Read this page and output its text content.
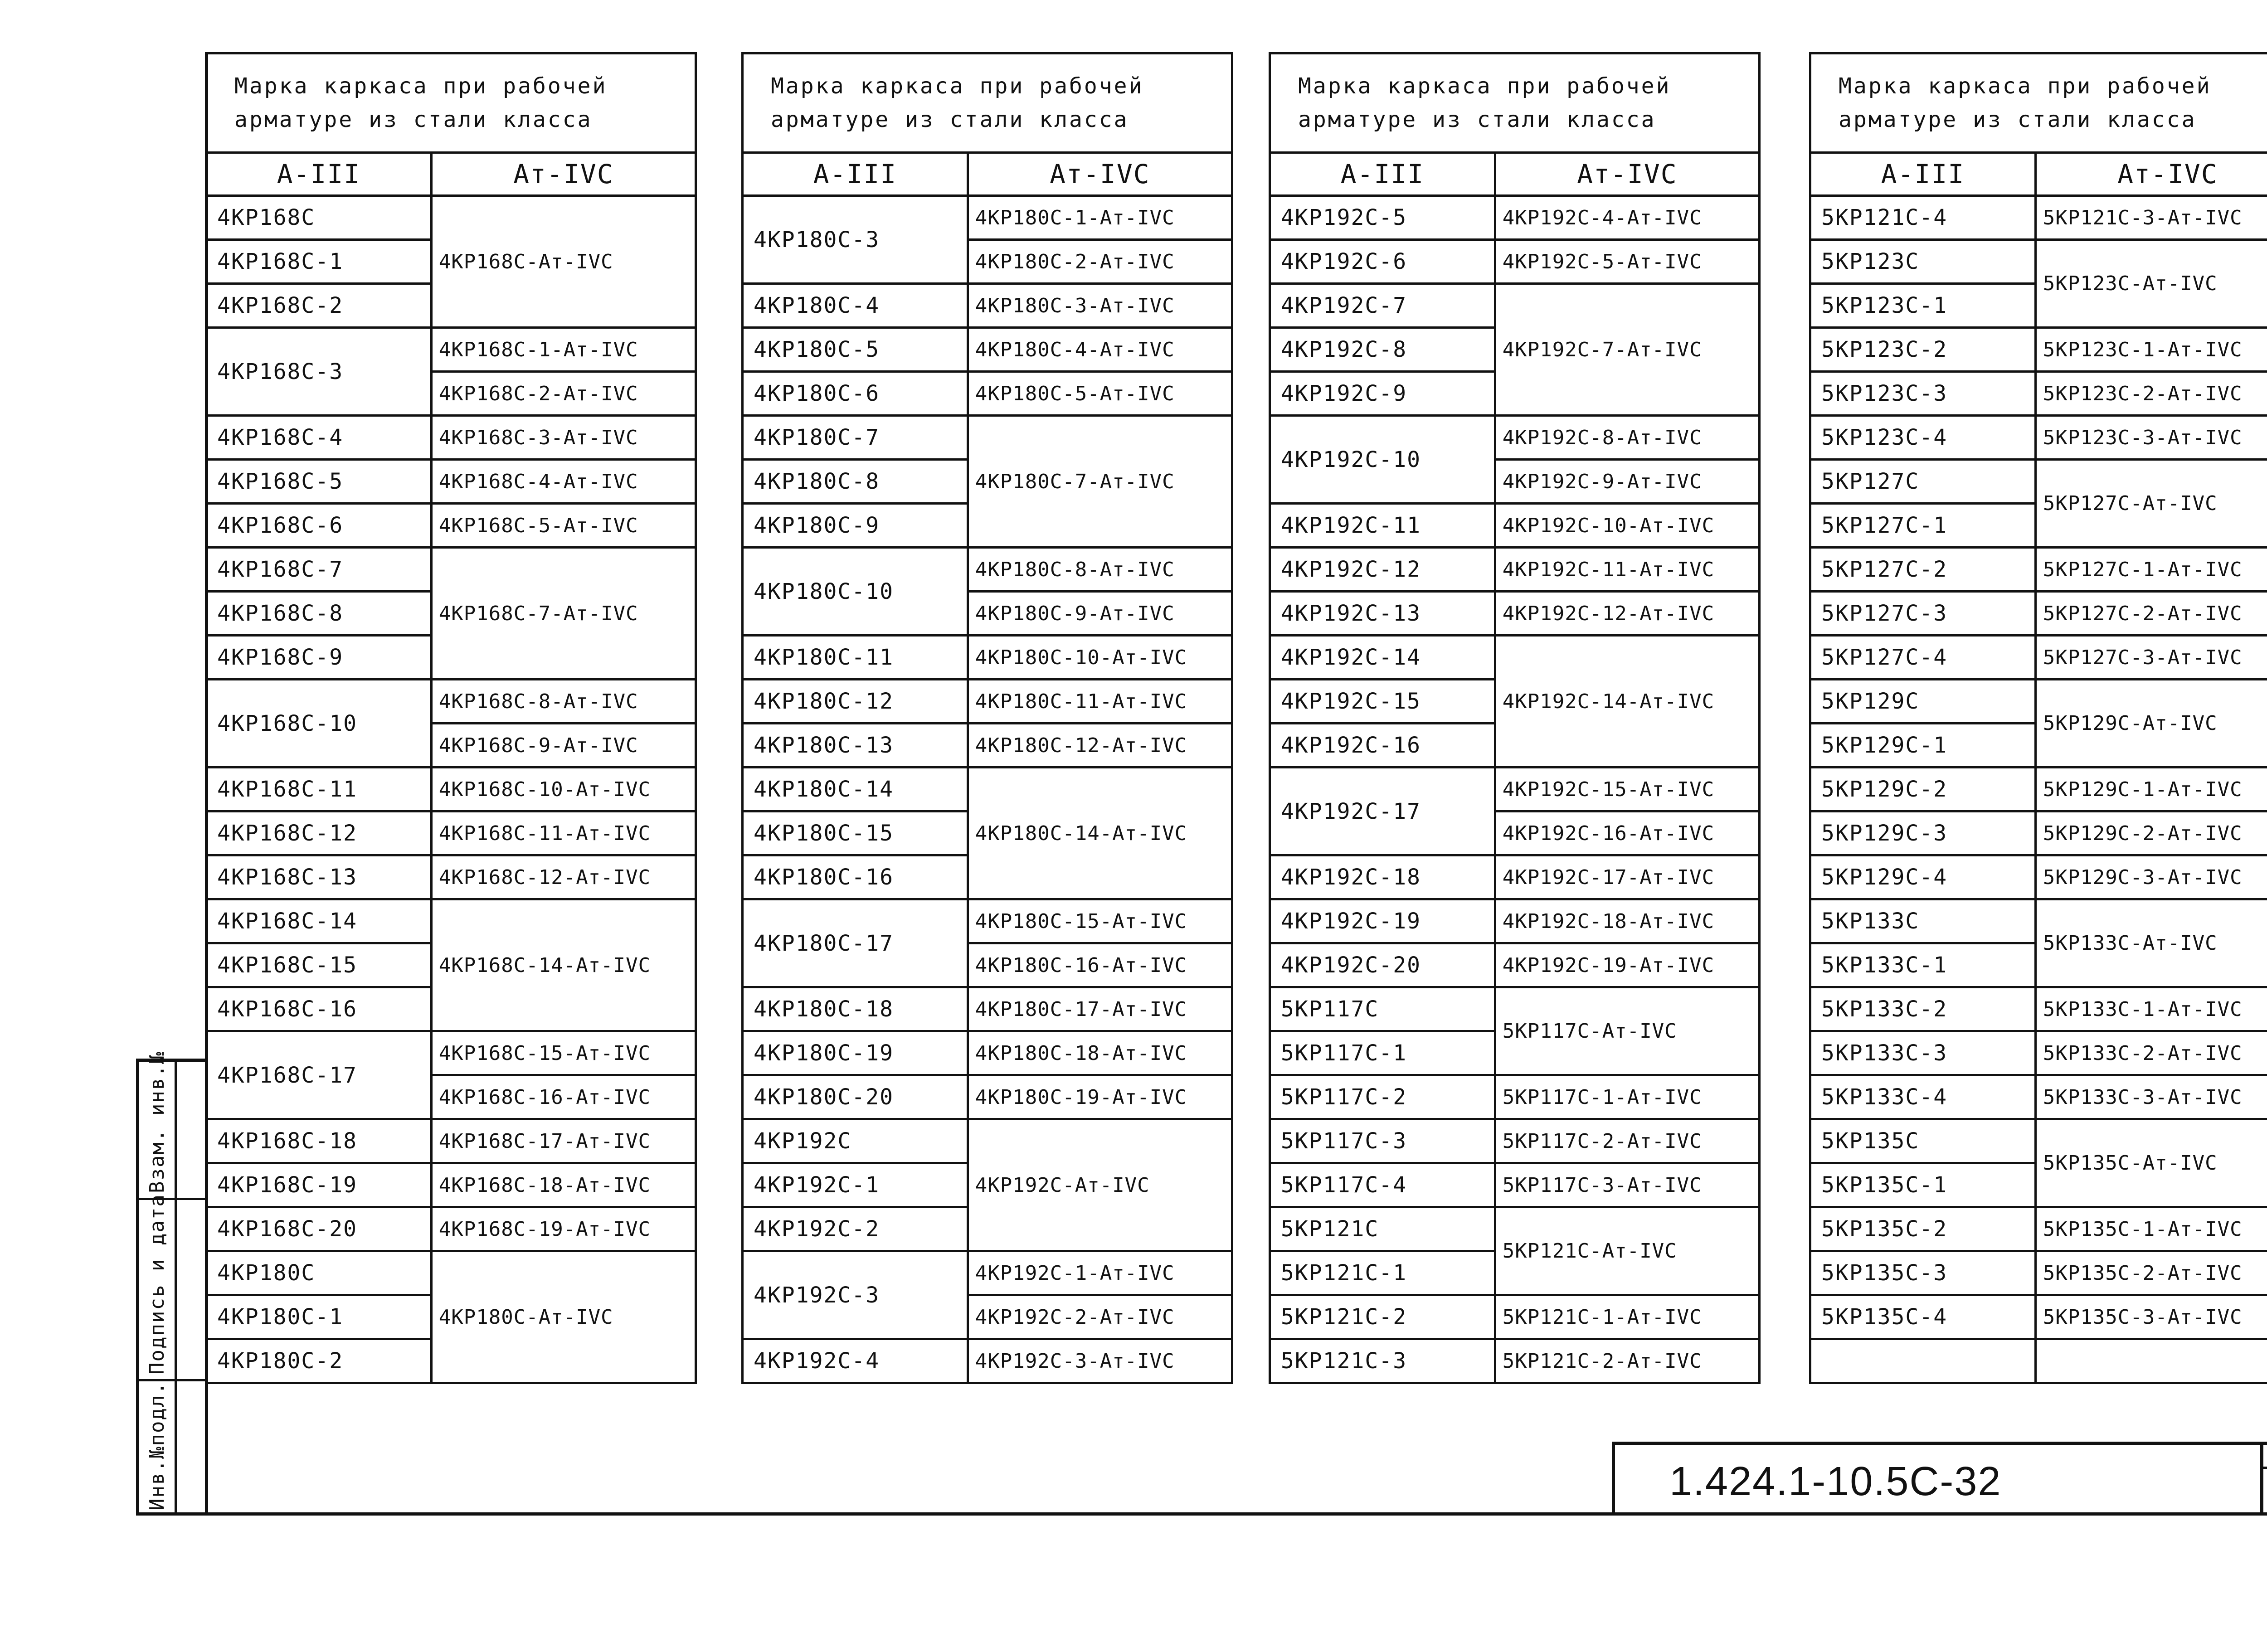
Марка каркаса при рабочей арматуре из стали класса	
А-III	Ат-IVС
4КР168С	4КР168С-Ат-IVС
4КР168С-1	
4КР168С-2	
4КР168С-3	4КР168С-1-Ат-IVС
	4КР168С-2-Ат-IVС
4КР168С-4	4КР168С-3-Ат-IVС
4КР168С-5	4КР168С-4-Ат-IVС
4КР168С-6	4КР168С-5-Ат-IVС
4КР168С-7	4КР168С-7-Ат-IVС
4КР168С-8	
4КР168С-9	
4КР168С-10	4КР168С-8-Ат-IVС
	4КР168С-9-Ат-IVС
4КР168С-11	4КР168С-10-Ат-IVС
4КР168С-12	4КР168С-11-Ат-IVС
4КР168С-13	4КР168С-12-Ат-IVС
4КР168С-14	4КР168С-14-Ат-IVС
4КР168С-15	
4КР168С-16	
4КР168С-17	4КР168С-15-Ат-IVС
	4КР168С-16-Ат-IVС
4КР168С-18	4КР168С-17-Ат-IVС
4КР168С-19	4КР168С-18-Ат-IVС
4КР168С-20	4КР168С-19-Ат-IVС
4КР180С	4КР180С-Ат-IVС
4КР180С-1	
4КР180С-2	
Марка каркаса при рабочей арматуре из стали класса	
А-III	Ат-IVС
4КР180С-3	4КР180С-1-Ат-IVС
	4КР180С-2-Ат-IVС
4КР180С-4	4КР180С-3-Ат-IVС
4КР180С-5	4КР180С-4-Ат-IVС
4КР180С-6	4КР180С-5-Ат-IVС
4КР180С-7	4КР180С-7-Ат-IVС
4КР180С-8	
4КР180С-9	
4КР180С-10	4КР180С-8-Ат-IVС
	4КР180С-9-Ат-IVС
4КР180С-11	4КР180С-10-Ат-IVС
4КР180С-12	4КР180С-11-Ат-IVС
4КР180С-13	4КР180С-12-Ат-IVС
4КР180С-14	4КР180С-14-Ат-IVС
4КР180С-15	
4КР180С-16	
4КР180С-17	4КР180С-15-Ат-IVС
	4КР180С-16-Ат-IVС
4КР180С-18	4КР180С-17-Ат-IVС
4КР180С-19	4КР180С-18-Ат-IVС
4КР180С-20	4КР180С-19-Ат-IVС
4КР192С	4КР192С-Ат-IVС
4КР192С-1	
4КР192С-2	
4КР192С-3	4КР192С-1-Ат-IVС
	4КР192С-2-Ат-IVС
4КР192С-4	4КР192С-3-Ат-IVС
Марка каркаса при рабочей арматуре из стали класса	
А-III	Ат-IVС
4КР192С-5	4КР192С-4-Ат-IVС
4КР192С-6	4КР192С-5-Ат-IVС
4КР192С-7	4КР192С-7-Ат-IVС
4КР192С-8	
4КР192С-9	
4КР192С-10	4КР192С-8-Ат-IVС
	4КР192С-9-Ат-IVС
4КР192С-11	4КР192С-10-Ат-IVС
4КР192С-12	4КР192С-11-Ат-IVС
4КР192С-13	4КР192С-12-Ат-IVС
4КР192С-14	4КР192С-14-Ат-IVС
4КР192С-15	
4КР192С-16	
4КР192С-17	4КР192С-15-Ат-IVС
	4КР192С-16-Ат-IVС
4КР192С-18	4КР192С-17-Ат-IVС
4КР192С-19	4КР192С-18-Ат-IVС
4КР192С-20	4КР192С-19-Ат-IVС
5КР117С	5КР117С-Ат-IVС
5КР117С-1	
5КР117С-2	5КР117С-1-Ат-IVС
5КР117С-3	5КР117С-2-Ат-IVС
5КР117С-4	5КР117С-3-Ат-IVС
5КР121С	5КР121С-Ат-IVС
5КР121С-1	
5КР121С-2	5КР121С-1-Ат-IVС
5КР121С-3	5КР121С-2-Ат-IVС
Марка каркаса при рабочей арматуре из стали класса	
А-III	Ат-IVС
5КР121С-4	5КР121С-3-Ат-IVС
5КР123С	5КР123С-Ат-IVС
5КР123С-1	
5КР123С-2	5КР123С-1-Ат-IVС
5КР123С-3	5КР123С-2-Ат-IVС
5КР123С-4	5КР123С-3-Ат-IVС
5КР127С	5КР127С-Ат-IVС
5КР127С-1	
5КР127С-2	5КР127С-1-Ат-IVС
5КР127С-3	5КР127С-2-Ат-IVС
5КР127С-4	5КР127С-3-Ат-IVС
5КР129С	5КР129С-Ат-IVС
5КР129С-1	
5КР129С-2	5КР129С-1-Ат-IVС
5КР129С-3	5КР129С-2-Ат-IVС
5КР129С-4	5КР129С-3-Ат-IVС
5КР133С	5КР133С-Ат-IVС
5КР133С-1	
5КР133С-2	5КР133С-1-Ат-IVС
5КР133С-3	5КР133С-2-Ат-IVС
5КР133С-4	5КР133С-3-Ат-IVС
5КР135С	5КР135С-Ат-IVС
5КР135С-1	
5КР135С-2	5КР135С-1-Ат-IVС
5КР135С-3	5КР135С-2-Ат-IVС
5КР135С-4	5КР135С-3-Ат-IVС

Взам. инв.№
Подпись и дата
Инв.№подл.	1.424.1-10.5С-32
